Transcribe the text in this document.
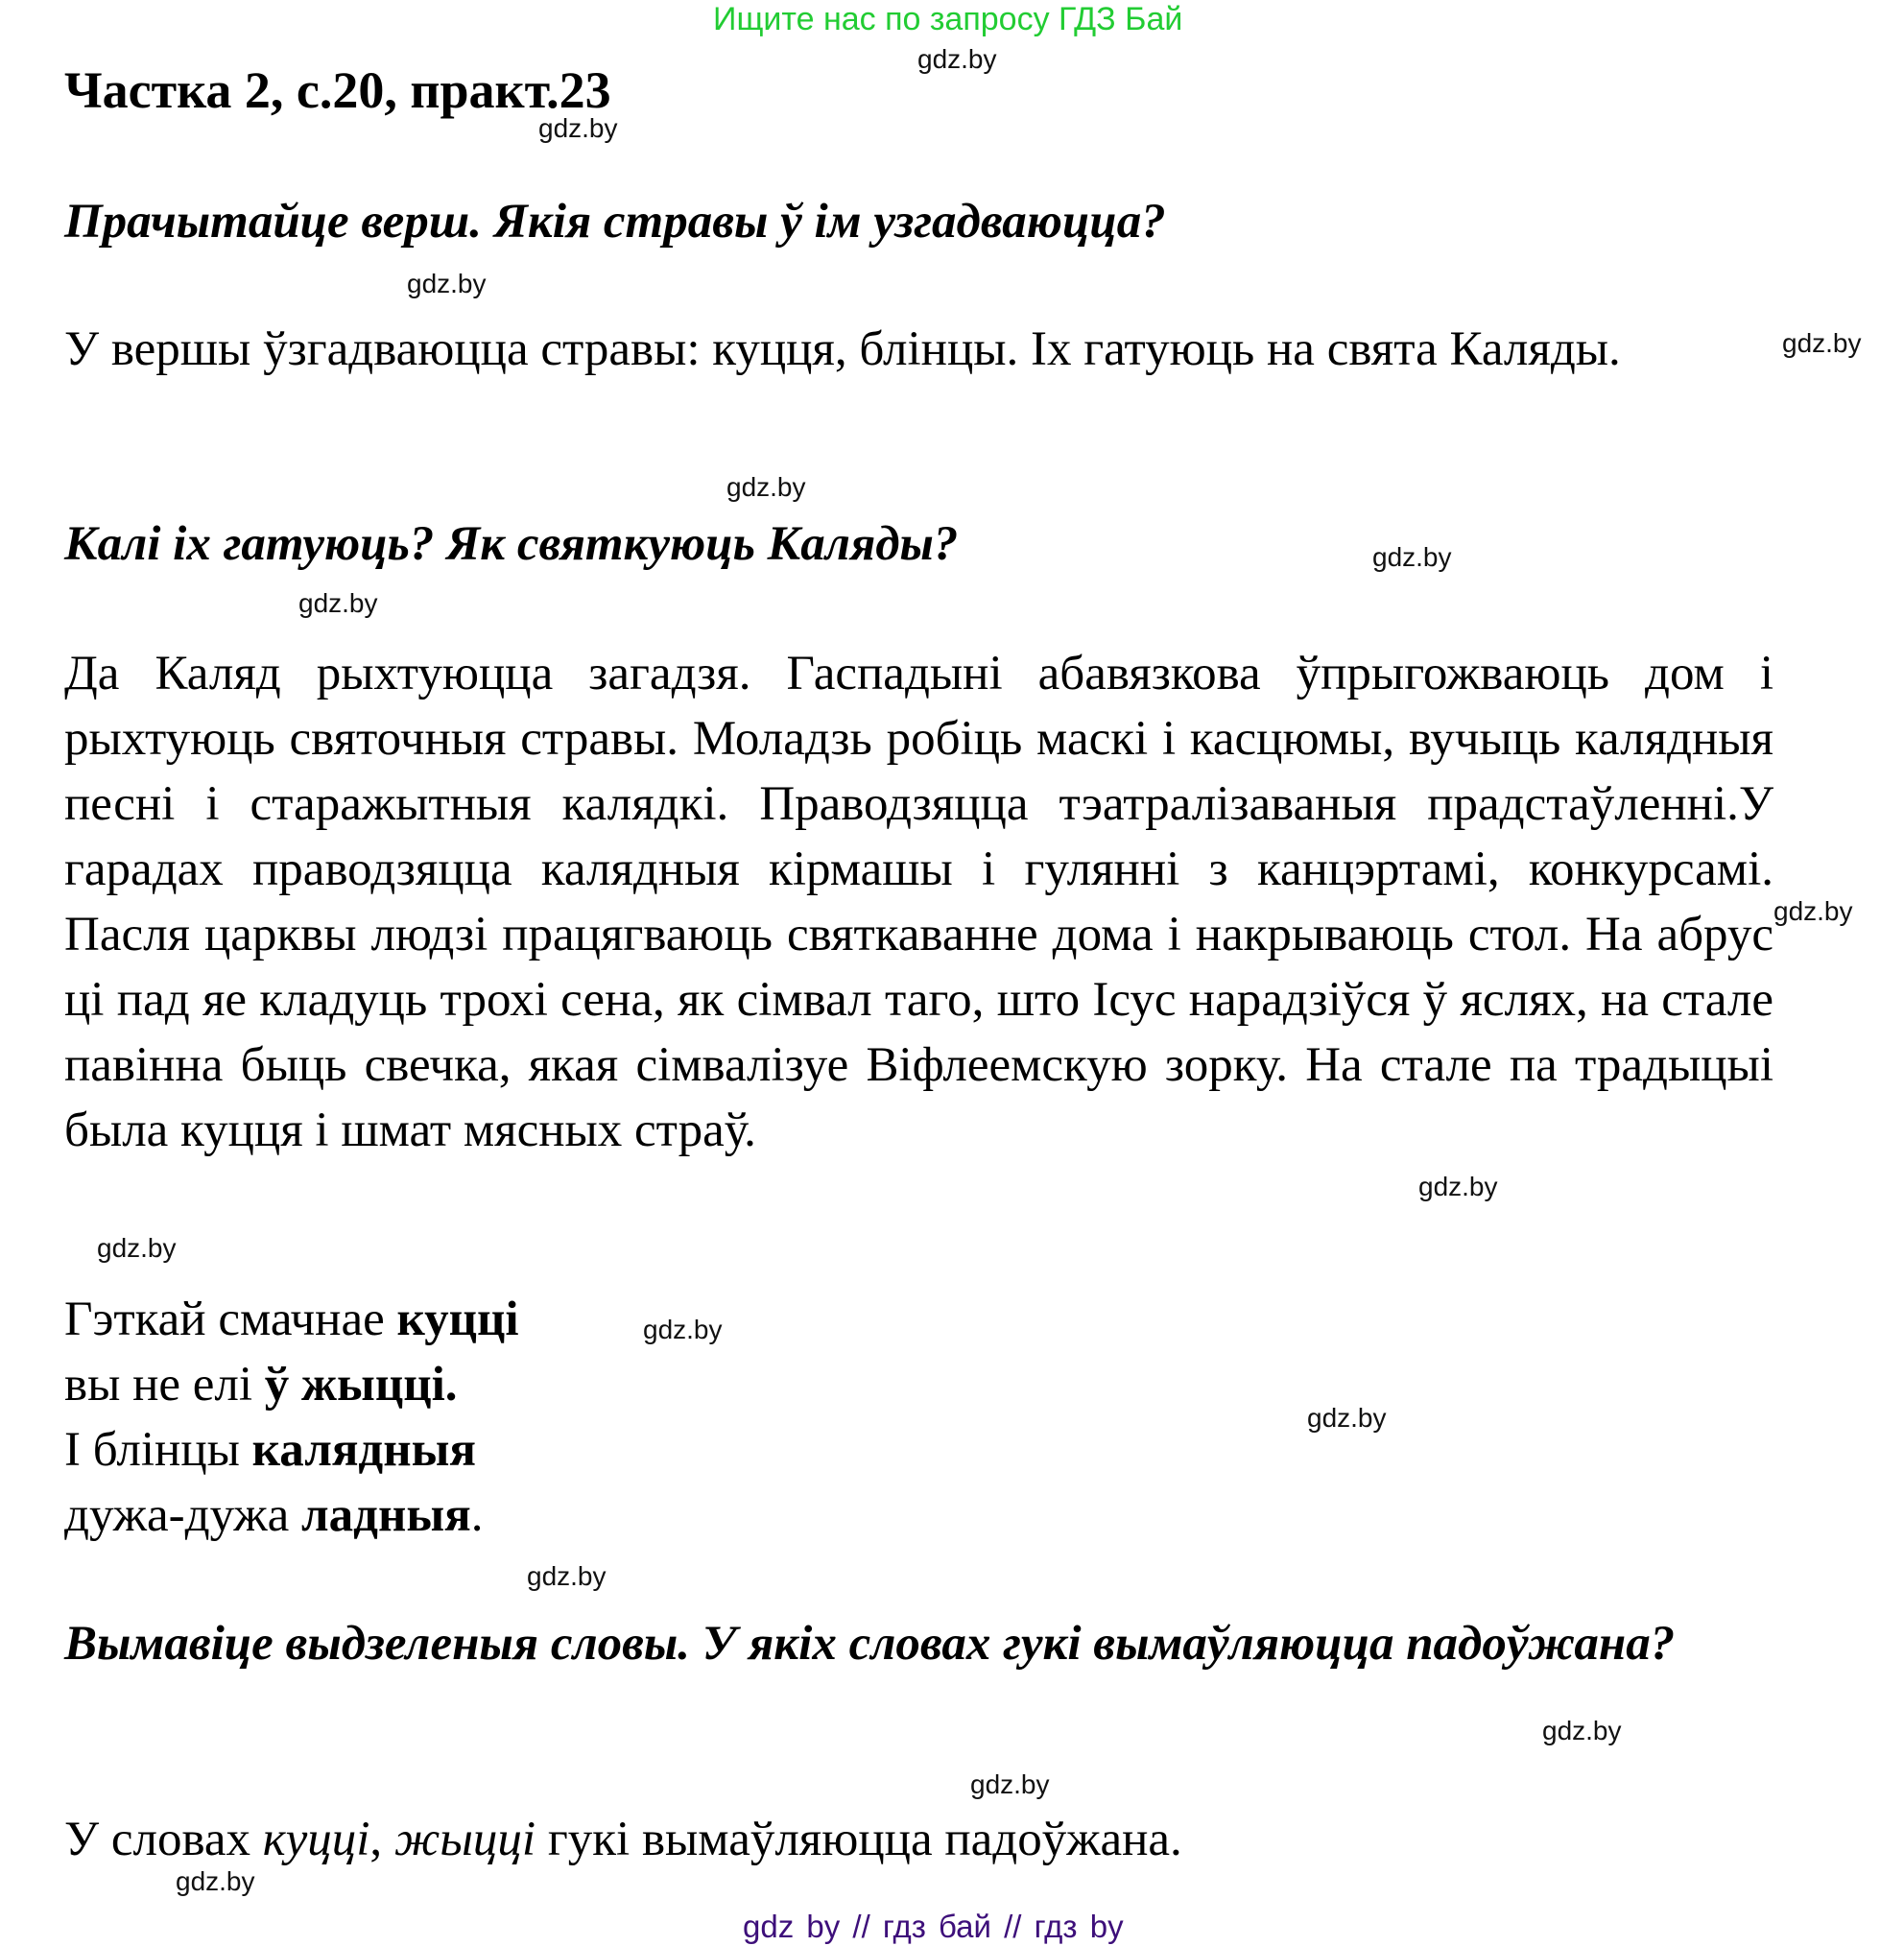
Ищите нас по запросу ГДЗ Бай
Частка 2, с.20, практ.23
Прачытайце верш. Якія стравы ў ім узгадваюцца?
У вершы ўзгадваюцца стравы: куцця, блінцы. Іх гатуюць на свята Каляды.
Калі іх гатуюць? Як святкуюць Каляды?
Да Каляд рыхтуюцца загадзя. Гаспадыні абавязкова ўпрыгожваюць дом і рыхтуюць святочныя стравы. Моладзь робіць маскі і касцюмы, вучыць калядныя песні і старажытныя калядкі. Праводзяцца тэатралізаваныя прадстаўленні.У гарадах праводзяцца калядныя кірмашы і гулянні з канцэртамі, конкурсамі. Пасля царквы людзі працягваюць святкаванне дома і накрываюць стол. На абрус ці пад яе кладуць трохі сена, як сімвал таго, што Ісус нарадзіўся ў яслях, на стале павінна быць свечка, якая сімвалізуе Віфлеемскую зорку. На стале па традыцыі была куцця і шмат мясных страў.
Гэткай смачнае куцці
вы не елі ў жыцці.
І блінцы калядныя
дужа-дужа ладныя.
Вымавіце выдзеленыя словы. У якіх словах гукі вымаўляюцца падоўжана?
У словах куцці, жыцці гукі вымаўляюцца падоўжана.
gdz.by
gdz.by
gdz.by
gdz.by
gdz.by
gdz.by
gdz.by
gdz.by
gdz.by
gdz.by
gdz.by
gdz.by
gdz.by
gdz.by
gdz.by
gdz.by
gdz by // гдз бай // гдз by
